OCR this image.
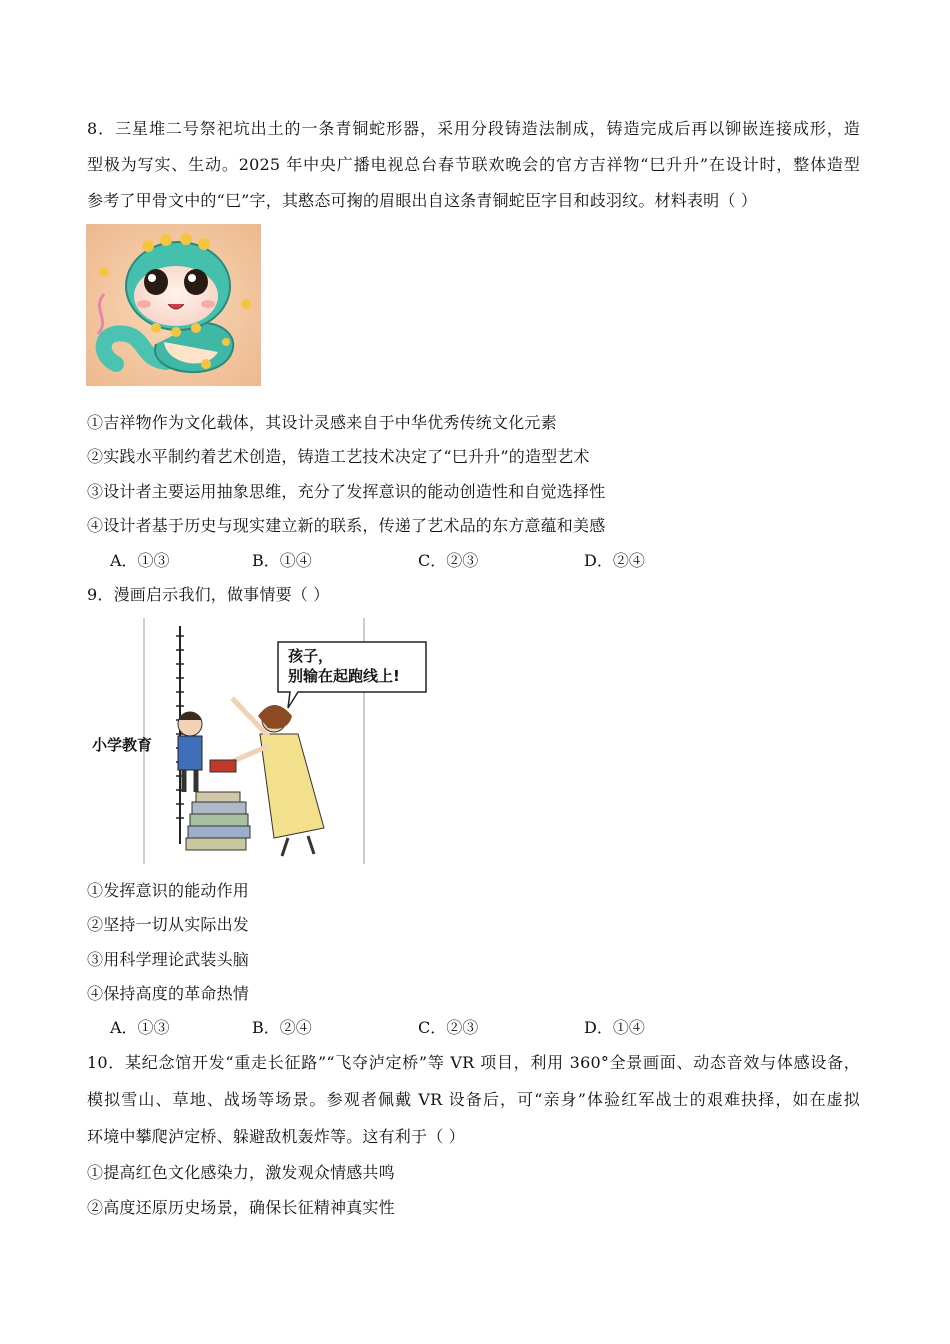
8．三星堆二号祭祀坑出土的一条青铜蛇形器，采用分段铸造法制成，铸造完成后再以铆嵌连接成形，造
型极为写实、生动。2025 年中央广播电视总台春节联欢晚会的官方吉祥物“巳升升”在设计时，整体造型
参考了甲骨文中的“巳”字，其憨态可掬的眉眼出自这条青铜蛇臣字目和歧羽纹。材料表明（ ）
①吉祥物作为文化载体，其设计灵感来自于中华优秀传统文化元素
②实践水平制约着艺术创造，铸造工艺技术决定了“巳升升”的造型艺术
③设计者主要运用抽象思维，充分了发挥意识的能动创造性和自觉选择性
④设计者基于历史与现实建立新的联系，传递了艺术品的东方意蕴和美感
A．①③	B．①④	C．②③	D．②④
9．漫画启示我们，做事情要（ ）
小学教育
孩子，
别输在起跑线上!
①发挥意识的能动作用
②坚持一切从实际出发
③用科学理论武装头脑
④保持高度的革命热情
A．①③	B．②④	C．②③	D．①④
10．某纪念馆开发“重走长征路”“飞夺泸定桥”等 VR 项目，利用 360°全景画面、动态音效与体感设备，
模拟雪山、草地、战场等场景。参观者佩戴 VR 设备后，可“亲身”体验红军战士的艰难抉择，如在虚拟
环境中攀爬泸定桥、躲避敌机轰炸等。这有利于（ ）
①提高红色文化感染力，激发观众情感共鸣
②高度还原历史场景，确保长征精神真实性
